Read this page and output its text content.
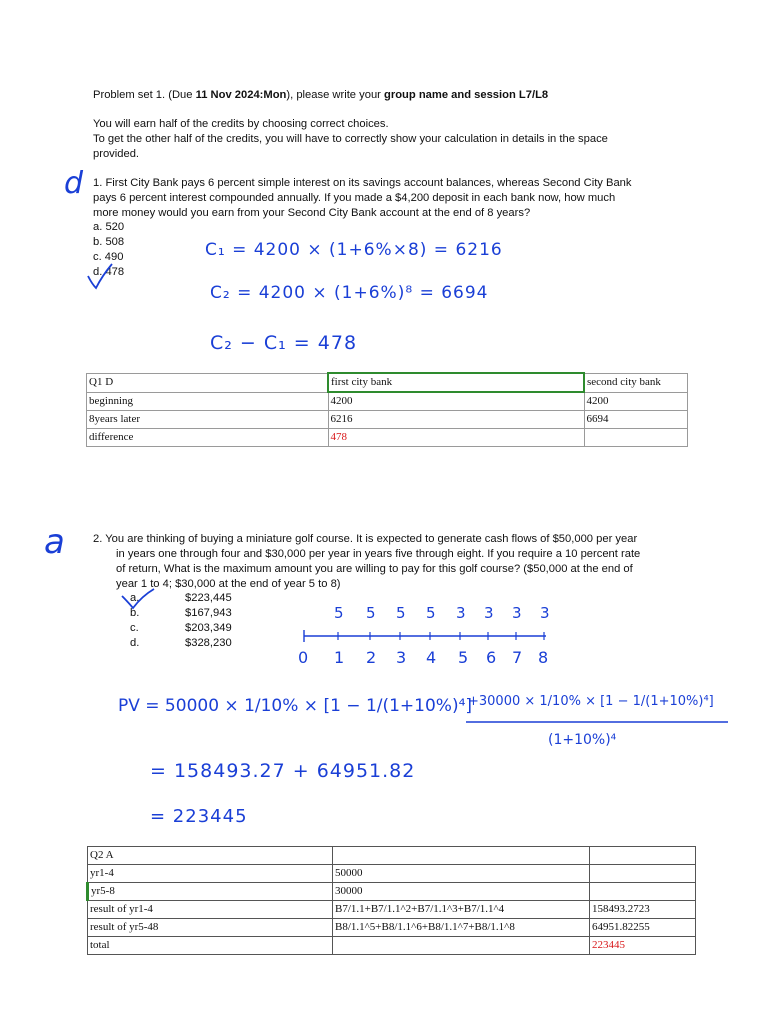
Problem set 1. (Due 11 Nov 2024:Mon), please write your group name and session L7/L8
You will earn half of the credits by choosing correct choices.
To get the other half of the credits, you will have to correctly show your calculation in details in the space
provided.
d 1. First City Bank pays 6 percent simple interest on its savings account balances, whereas Second City Bank
pays 6 percent interest compounded annually. If you made a $4,200 deposit in each bank now, how much
more money would you earn from your Second City Bank account at the end of 8 years?
a. 520
b. 508
c. 490
d. 478
C₁ = 4200 × (1+6%×8) = 6216
C₂ = 4200 × (1+6%)⁸ = 6694
C₂ − C₁ = 478
Q1 D	first city bank	second city bank
beginning	4200	4200
8years later	6216	6694
difference	478	
a	2. You are thinking of buying a miniature golf course. It is expected to generate cash flows of $50,000 per year
in years one through four and $30,000 per year in years five through eight. If you require a 10 percent rate
of return, What is the maximum amount you are willing to pay for this golf course? ($50,000 at the end of
year 1 to 4; $30,000 at the end of year 5 to 8)
a.	$223,445
b.	$167,943
c.	$203,349
d.	$328,230
5 5 5 5 3 3 3 3
0 1 2 3 4 5 6 7 8
PV = 50000 × 1/10% × [1 − 1/(1+10%)⁴]
+30000 × 1/10% × [1 − 1/(1+10%)⁴]
(1+10%)⁴
= 158493.27 + 64951.82
= 223445
Q2 A		
yr1-4	50000	
yr5-8	30000	
result of yr1-4	B7/1.1+B7/1.1^2+B7/1.1^3+B7/1.1^4	158493.2723
result of yr5-48	B8/1.1^5+B8/1.1^6+B8/1.1^7+B8/1.1^8	64951.82255
total		223445
